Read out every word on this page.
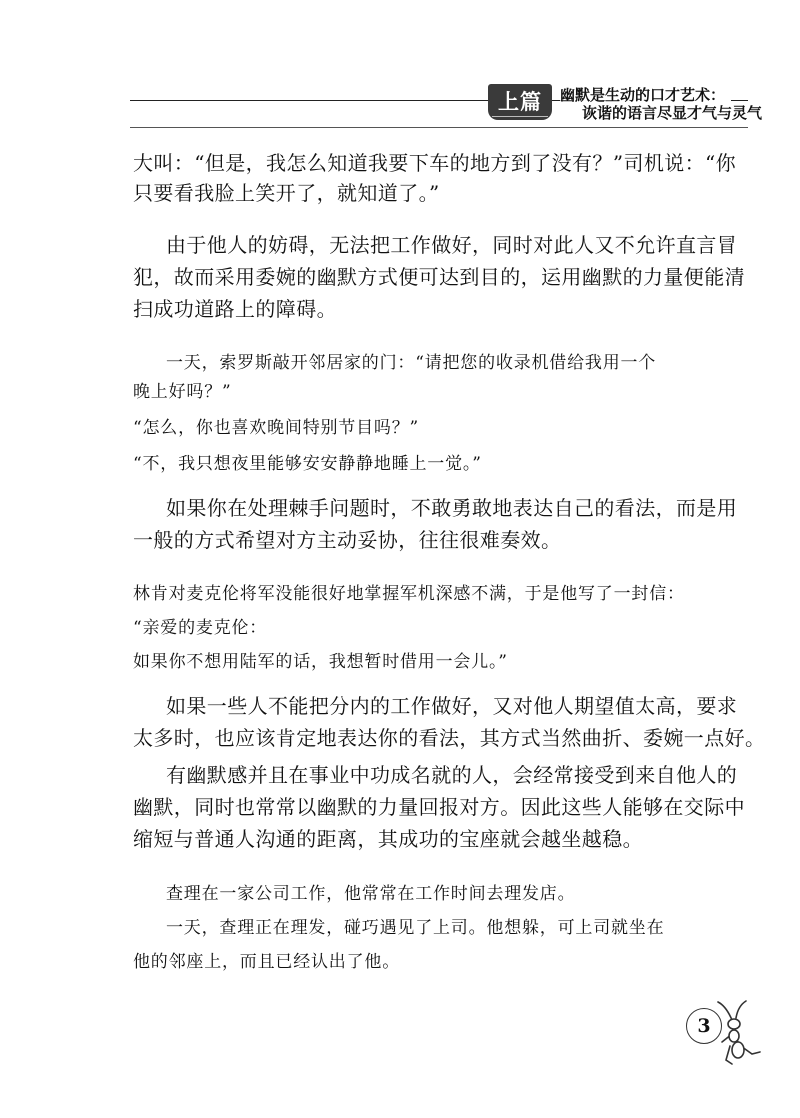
上篇	幽默是生动的口才艺术：
诙谐的语言尽显才气与灵气

大叫：“但是，我怎么知道我要下车的地方到了没有？”司机说：“你

只要看我脸上笑开了，就知道了。”

由于他人的妨碍，无法把工作做好，同时对此人又不允许直言冒

犯，故而采用委婉的幽默方式便可达到目的，运用幽默的力量便能清

扫成功道路上的障碍。

一天，索罗斯敲开邻居家的门：“请把您的收录机借给我用一个

晚上好吗？”

“怎么，你也喜欢晚间特别节目吗？”

“不，我只想夜里能够安安静静地睡上一觉。”

如果你在处理棘手问题时，不敢勇敢地表达自己的看法，而是用

一般的方式希望对方主动妥协，往往很难奏效。

林肯对麦克伦将军没能很好地掌握军机深感不满，于是他写了一封信：

“亲爱的麦克伦：

如果你不想用陆军的话，我想暂时借用一会儿。”

如果一些人不能把分内的工作做好，又对他人期望值太高，要求

太多时，也应该肯定地表达你的看法，其方式当然曲折、委婉一点好。

有幽默感并且在事业中功成名就的人，会经常接受到来自他人的

幽默，同时也常常以幽默的力量回报对方。因此这些人能够在交际中

缩短与普通人沟通的距离，其成功的宝座就会越坐越稳。

查理在一家公司工作，他常常在工作时间去理发店。

一天，查理正在理发，碰巧遇见了上司。他想躲，可上司就坐在

他的邻座上，而且已经认出了他。

3
